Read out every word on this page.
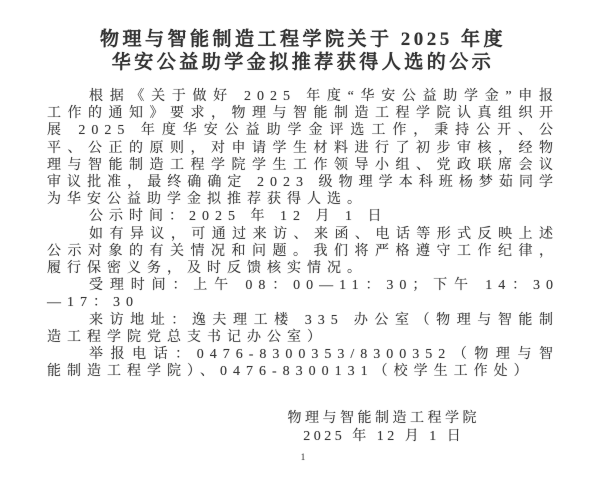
物理与智能制造工程学院关于 2025 年度
华安公益助学金拟推荐获得人选的公示

根据《关于做好 2025 年度“华安公益助学金”申报工作的通知》要求，物理与智能制造工程学院认真组织开展 2025 年度华安公益助学金评选工作，秉持公开、公平、公正的原则，对申请学生材料进行了初步审核，经物理与智能制造工程学院学生工作领导小组、党政联席会议审议批准，最终确确定 2023 级物理学本科班杨梦茹同学为华安公益助学金拟推荐获得人选。

公示时间：2025 年 12 月 1 日

如有异议，可通过来访、来函、电话等形式反映上述公示对象的有关情况和问题。我们将严格遵守工作纪律，履行保密义务，及时反馈核实情况。

受理时间：上午 08：00—11：30；下午 14：30—17：30

来访地址：逸夫理工楼 335 办公室（物理与智能制造工程学院党总支书记办公室）

举报电话：0476-8300353/8300352（物理与智能制造工程学院）、0476-8300131（校学生工作处）

物理与智能制造工程学院
2025 年 12 月 1 日
1
